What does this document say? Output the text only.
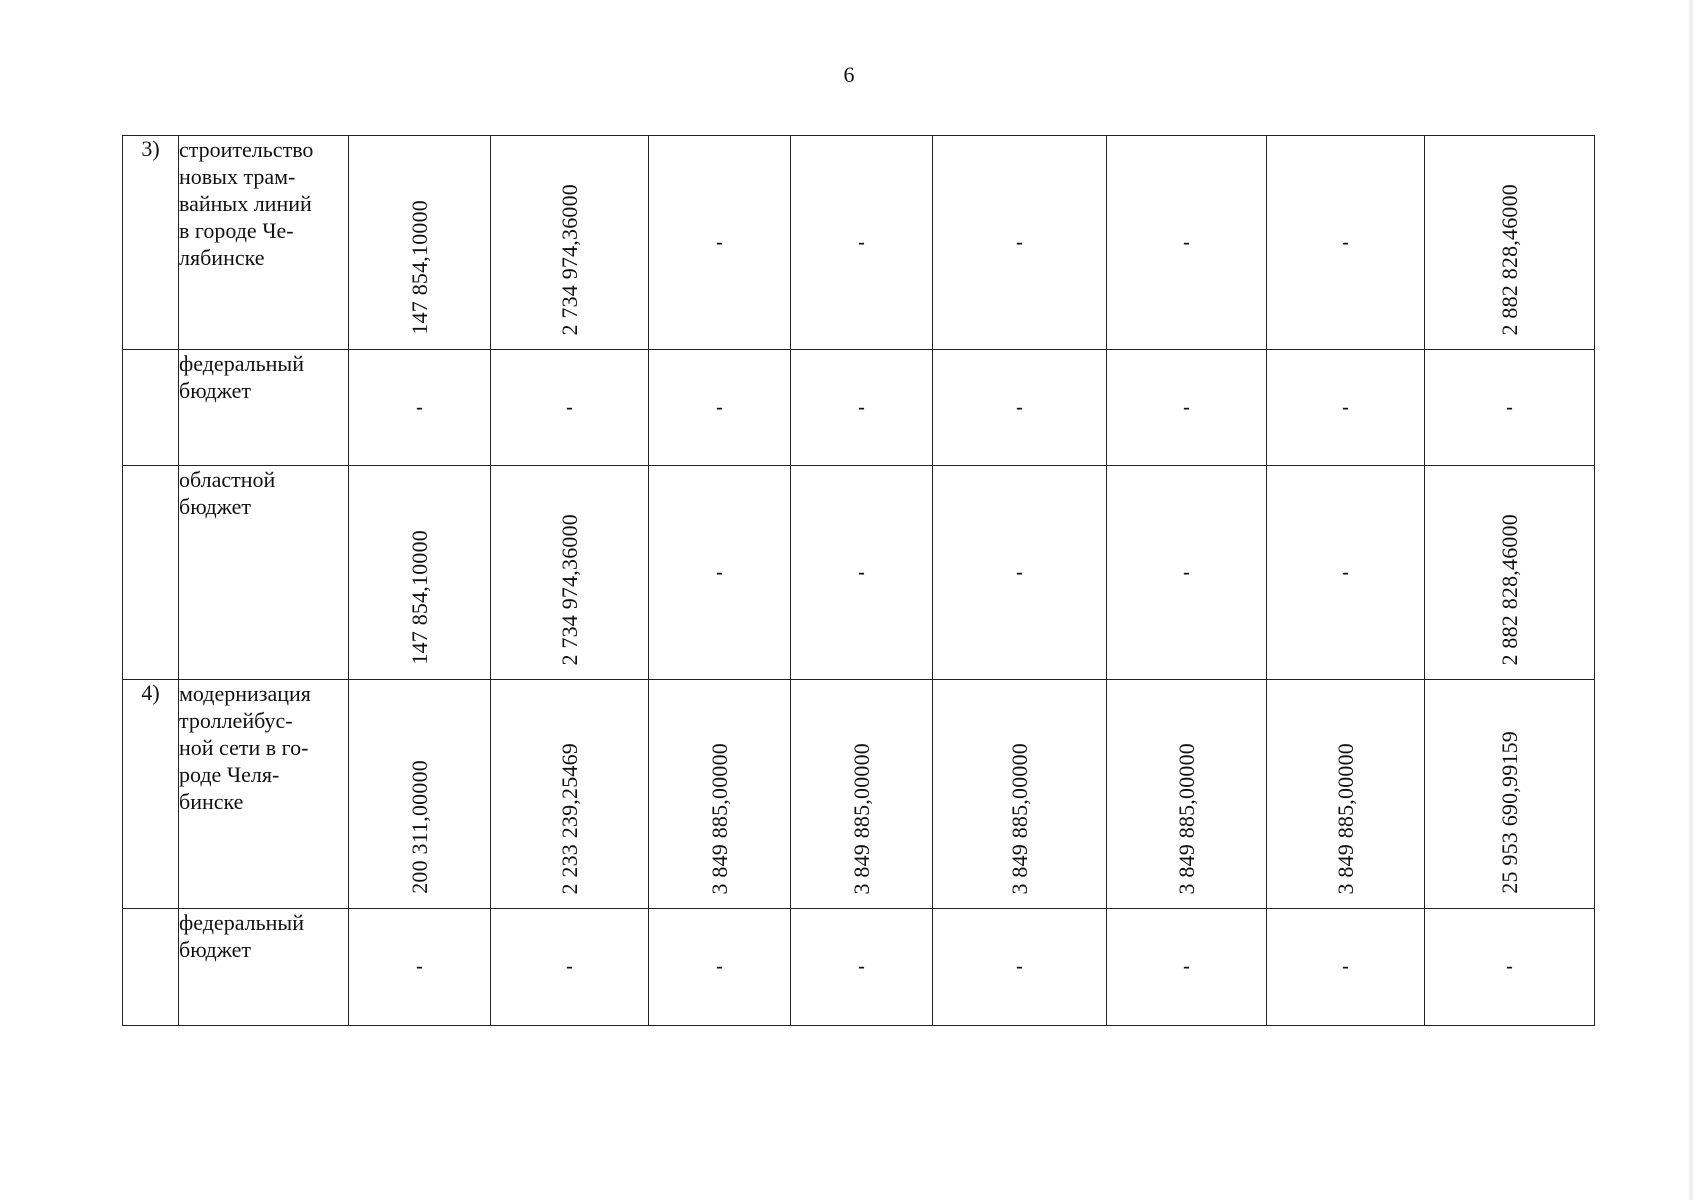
6
3)	строительство
новых трам-
вайных линий
в городе Че-
лябинске	147 854,10000	2 734 974,36000	-	-	-	-	-	2 882 828,46000

	федеральный
бюджет	-	-	-	-	-	-	-	-

	областной
бюджет	147 854,10000	2 734 974,36000	-	-	-	-	-	2 882 828,46000

4)	модернизация
троллейбус-
ной сети в го-
роде Челя-
бинске	200 311,00000	2 233 239,25469	3 849 885,00000	3 849 885,00000	3 849 885,00000	3 849 885,00000	3 849 885,00000	25 953 690,99159

	федеральный
бюджет	-	-	-	-	-	-	-	-
